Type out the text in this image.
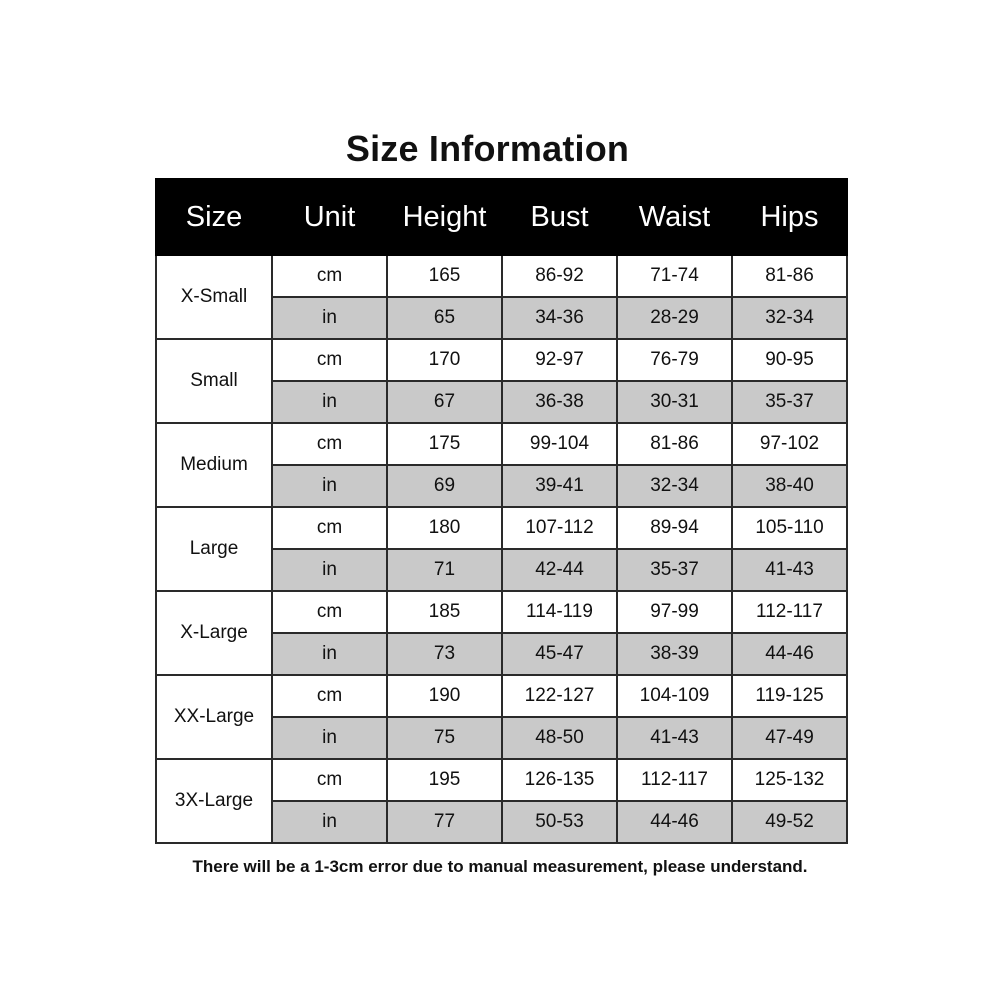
Size Information
Size	Unit	Height	Bust	Waist	Hips
X-Small	cm	165	86-92	71-74	81-86
	in	65	34-36	28-29	32-34
Small	cm	170	92-97	76-79	90-95
	in	67	36-38	30-31	35-37
Medium	cm	175	99-104	81-86	97-102
	in	69	39-41	32-34	38-40
Large	cm	180	107-112	89-94	105-110
	in	71	42-44	35-37	41-43
X-Large	cm	185	114-119	97-99	112-117
	in	73	45-47	38-39	44-46
XX-Large	cm	190	122-127	104-109	119-125
	in	75	48-50	41-43	47-49
3X-Large	cm	195	126-135	112-117	125-132
	in	77	50-53	44-46	49-52

There will be a 1-3cm error due to manual measurement, please understand.
